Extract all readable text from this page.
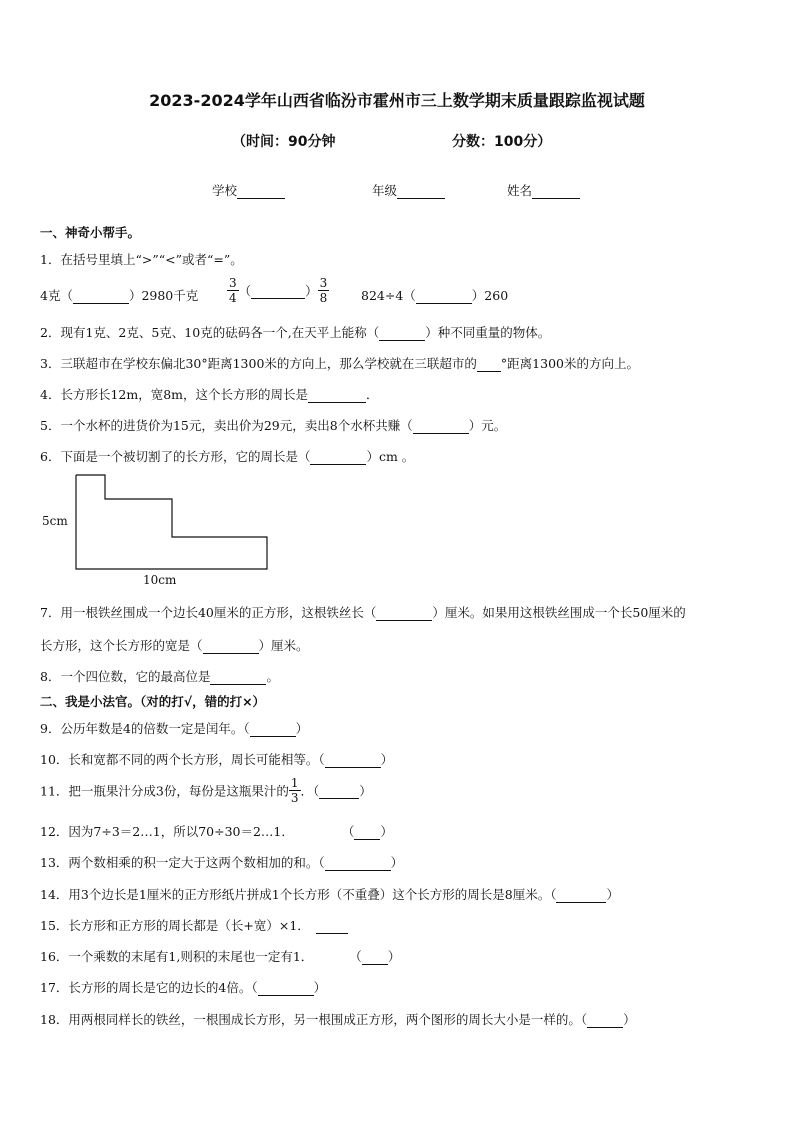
2023-2024学年山西省临汾市霍州市三上数学期末质量跟踪监视试题
（时间：90分钟	分数：100分）
学校	年级	姓名
一、神奇小帮手。
1．在括号里填上“>”“<”或者“=”。
4克（	）2980千克 $\frac{3}{4}$ （	） $\frac{3}{8}$	824÷4（	）260
2．现有1克、2克、5克、10克的砝码各一个,在天平上能称（	）种不同重量的物体。
3．三联超市在学校东偏北30°距离1300米的方向上，那么学校就在三联超市的 °距离1300米的方向上。
4．长方形长12m，宽8m，这个长方形的周长是	．
5．一个水杯的进货价为15元，卖出价为29元，卖出8个水杯共赚（	）元。
6．下面是一个被切割了的长方形，它的周长是（	）cm 。
5cm
10cm
7．用一根铁丝围成一个边长40厘米的正方形，这根铁丝长（	）厘米。如果用这根铁丝围成一个长50厘米的
长方形，这个长方形的宽是（	）厘米。
8．一个四位数，它的最高位是	。
二、我是小法官。（对的打√，错的打×）
9．公历年数是4的倍数一定是闰年。（	）
10．长和宽都不同的两个长方形，周长可能相等。（	）
11．把一瓶果汁分成3份，每份是这瓶果汁的 $\frac{1}{3}$ ．（	）
12．因为7÷3＝2…1，所以70÷30＝2…1．	（ ）
13．两个数相乘的积一定大于这两个数相加的和。（	）
14．用3个边长是1厘米的正方形纸片拼成1个长方形（不重叠）这个长方形的周长是8厘米。（	）
15．长方形和正方形的周长都是（长+宽）×1．
16．一个乘数的末尾有1,则积的末尾也一定有1．	（ ）
17．长方形的周长是它的边长的4倍。（	）
18．用两根同样长的铁丝，一根围成长方形，另一根围成正方形，两个图形的周长大小是一样的。（	）
